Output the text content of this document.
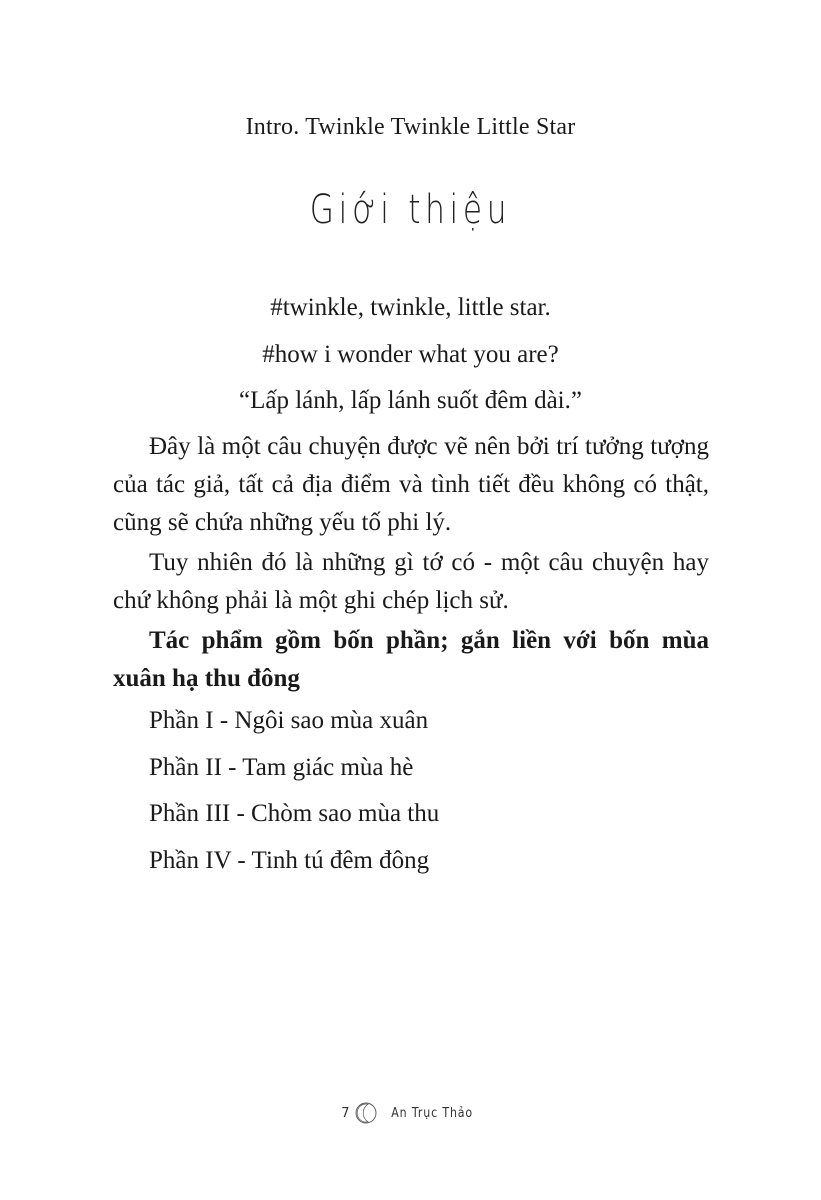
Intro. Twinkle Twinkle Little Star
Giới thiệu
#twinkle, twinkle, little star.
#how i wonder what you are?
“Lấp lánh, lấp lánh suốt đêm dài.”

Đây là một câu chuyện được vẽ nên bởi trí tưởng tượng của tác giả, tất cả địa điểm và tình tiết đều không có thật, cũng sẽ chứa những yếu tố phi lý.

Tuy nhiên đó là những gì tớ có - một câu chuyện hay chứ không phải là một ghi chép lịch sử.

Tác phẩm gồm bốn phần; gắn liền với bốn mùa xuân hạ thu đông

Phần I - Ngôi sao mùa xuân
Phần II - Tam giác mùa hè
Phần III - Chòm sao mùa thu
Phần IV - Tinh tú đêm đông
7	An Trục Thảo
